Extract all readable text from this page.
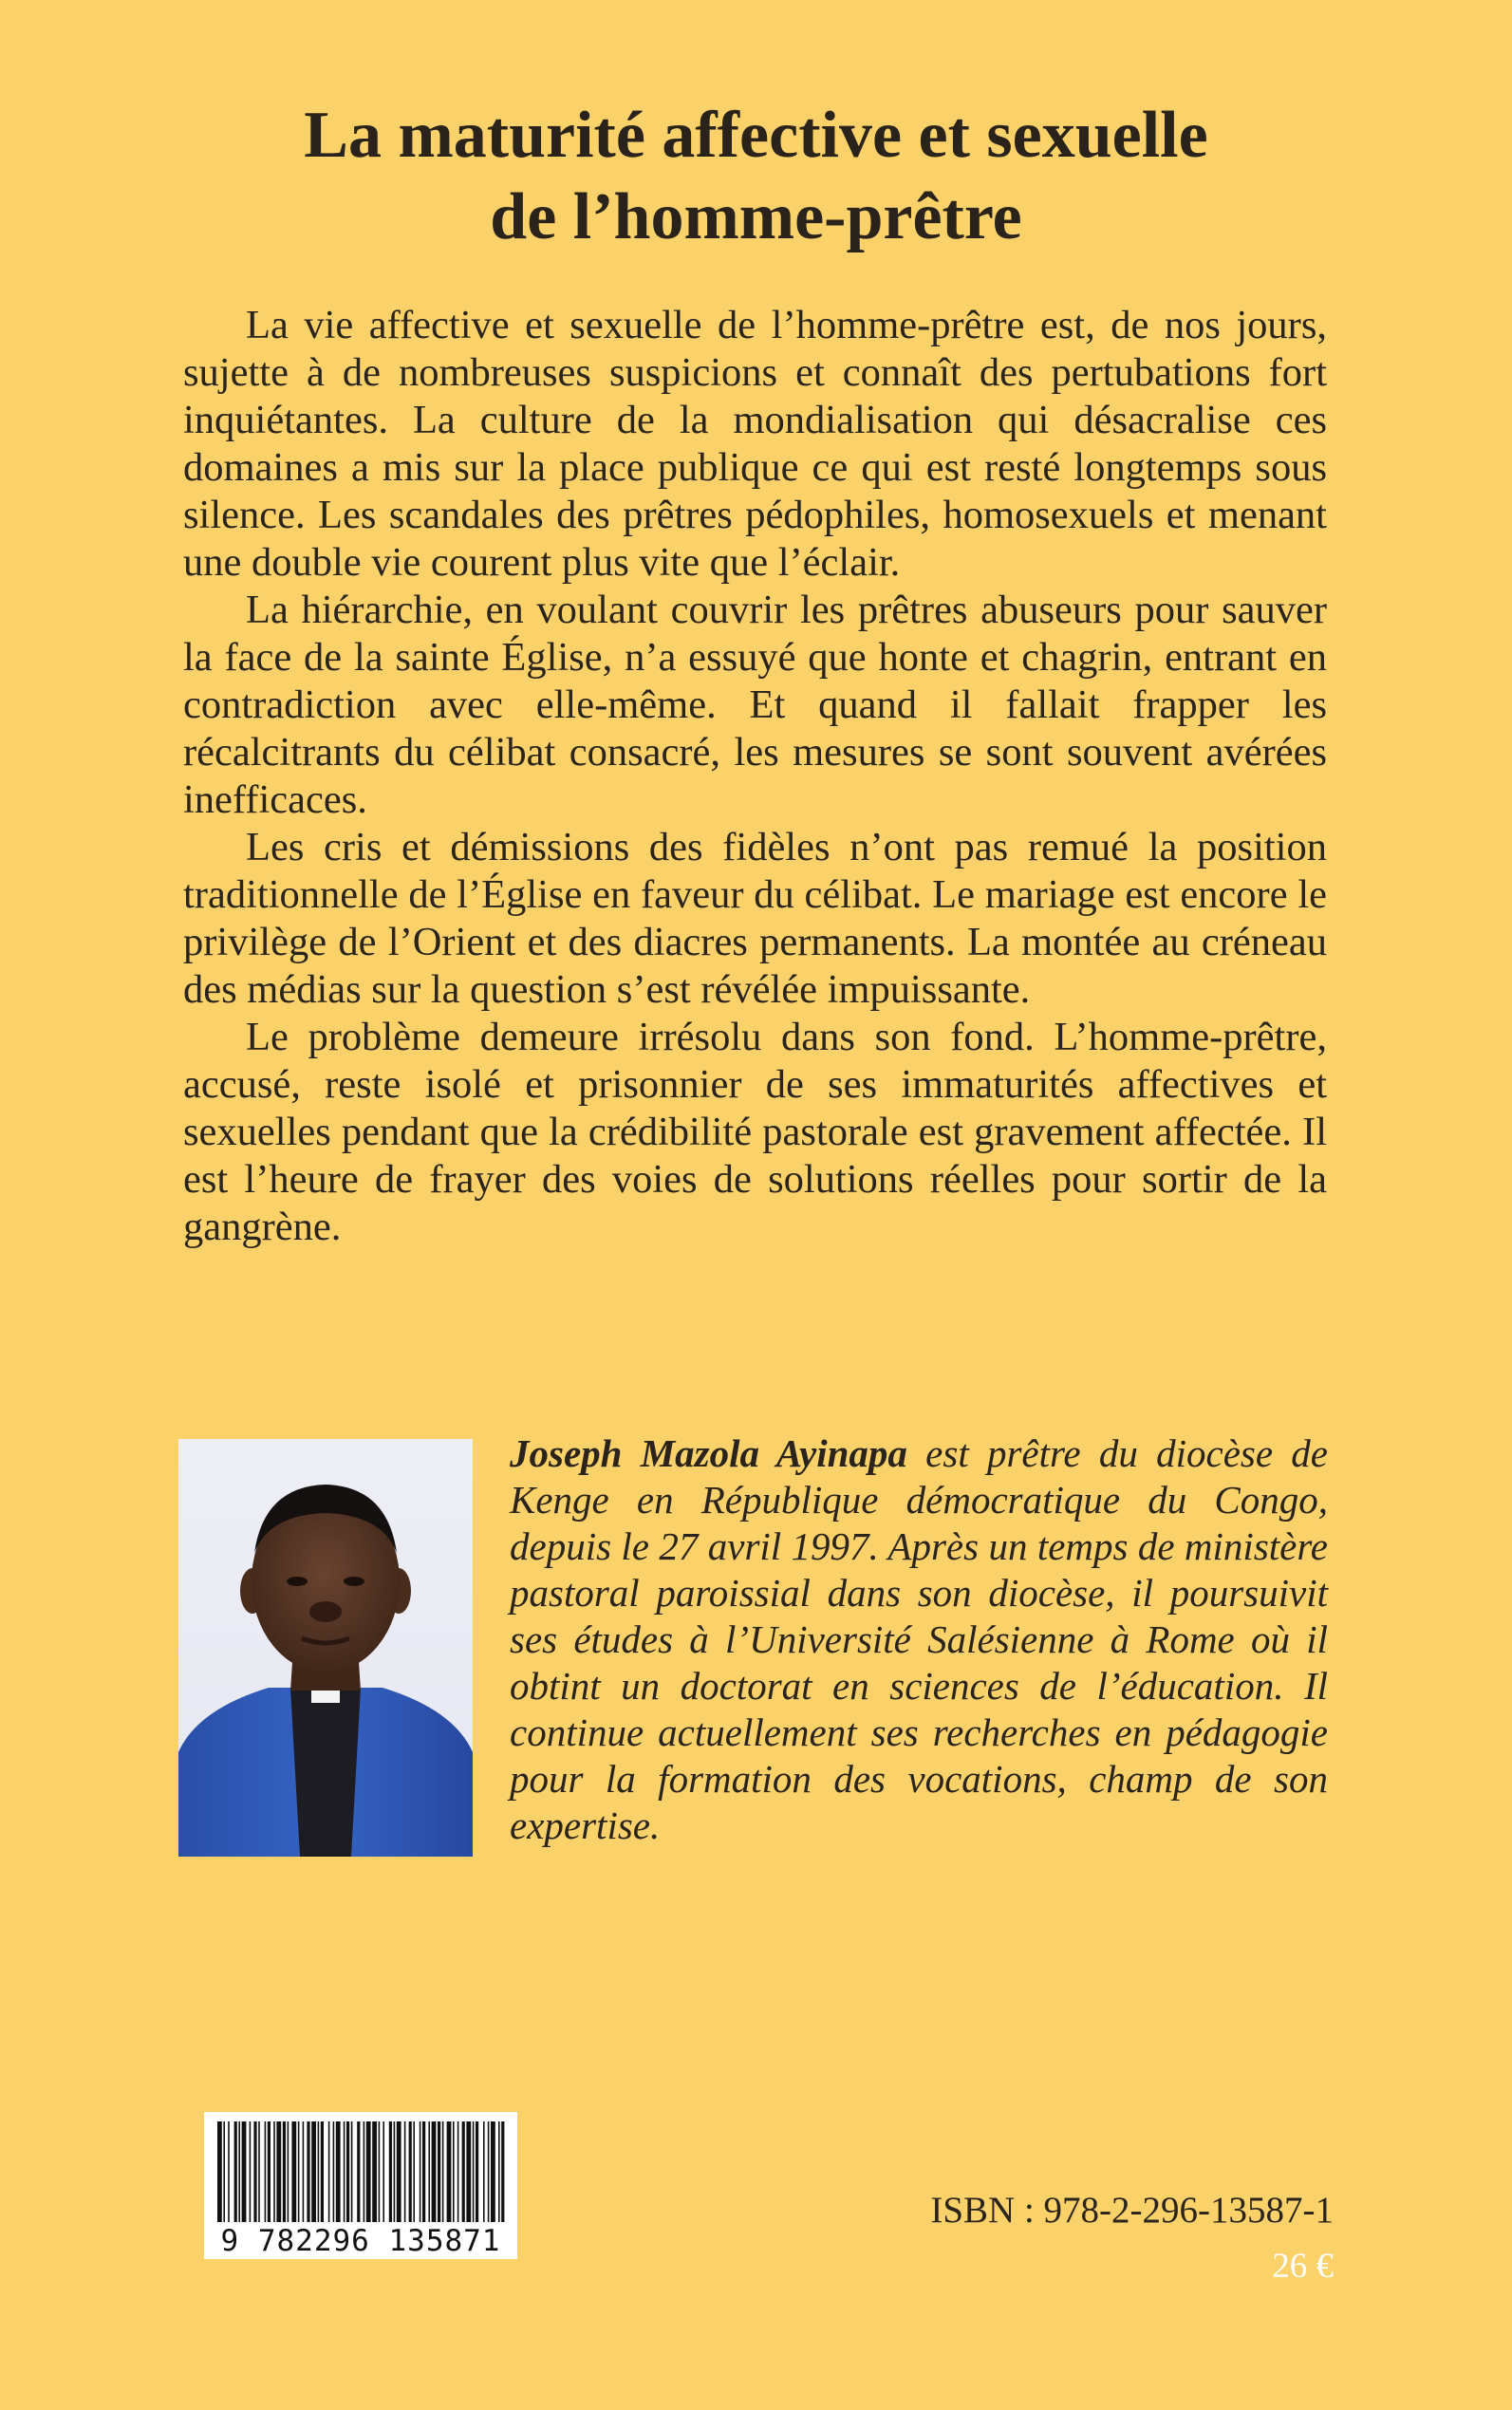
La maturité affective et sexuelle
de l’homme-prêtre

La vie affective et sexuelle de l’homme-prêtre est, de nos jours, sujette à de nombreuses suspicions et connaît des pertubations fort inquiétantes. La culture de la mondialisation qui désacralise ces domaines a mis sur la place publique ce qui est resté longtemps sous silence. Les scandales des prêtres pédophiles, homosexuels et menant une double vie courent plus vite que l’éclair.

La hiérarchie, en voulant couvrir les prêtres abuseurs pour sauver la face de la sainte Église, n’a essuyé que honte et chagrin, entrant en contradiction avec elle-même. Et quand il fallait frapper les récalcitrants du célibat consacré, les mesures se sont souvent avérées inefficaces.

Les cris et démissions des fidèles n’ont pas remué la position traditionnelle de l’Église en faveur du célibat. Le mariage est encore le privilège de l’Orient et des diacres permanents. La montée au créneau des médias sur la question s’est révélée impuissante.

Le problème demeure irrésolu dans son fond. L’homme-prêtre, accusé, reste isolé et prisonnier de ses immaturités affectives et sexuelles pendant que la crédibilité pastorale est gravement affectée. Il est l’heure de frayer des voies de solutions réelles pour sortir de la gangrène.

Joseph Mazola Ayinapa est prêtre du diocèse de Kenge en République démocratique du Congo, depuis le 27 avril 1997. Après un temps de ministère pastoral paroissial dans son diocèse, il poursuivit ses études à l’Université Salésienne à Rome où il obtint un doctorat en sciences de l’éducation. Il continue actuellement ses recherches en pédagogie pour la formation des vocations, champ de son expertise.
9 782296 135871
ISBN : 978-2-296-13587-1
26 €
